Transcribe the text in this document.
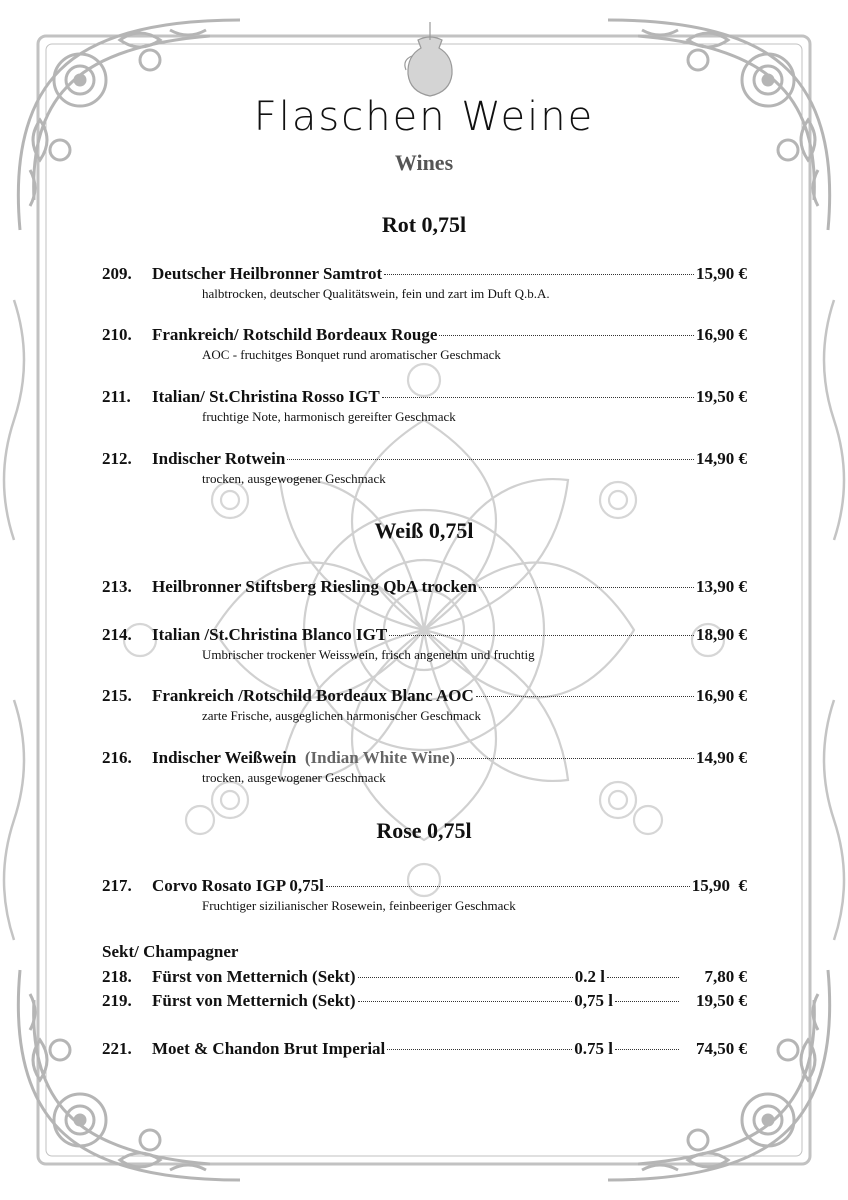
Flaschen Weine
Wines
Rot 0,75l
209.	Deutscher Heilbronner Samtrot	15,90 €
halbtrocken, deutscher Qualitätswein, fein und zart im Duft Q.b.A.
210.	Frankreich/ Rotschild Bordeaux Rouge	16,90 €
AOC - fruchitges Bonquet rund aromatischer Geschmack
211.	Italian/ St.Christina Rosso IGT	19,50 €
fruchtige Note, harmonisch gereifter Geschmack
212.	Indischer Rotwein	14,90 €
trocken, ausgewogener Geschmack
Weiß 0,75l
213.	Heilbronner Stiftsberg Riesling QbA trocken	13,90 €
214.	Italian /St.Christina Blanco IGT	18,90 €
Umbrischer trockener Weisswein, frisch angenehm und fruchtig
215.	Frankreich /Rotschild Bordeaux Blanc AOC	16,90 €
zarte Frische, ausgeglichen harmonischer Geschmack
216.	Indischer Weißwein (Indian White Wine)	14,90 €
trocken, ausgewogener Geschmack
Rose 0,75l
217.	Corvo Rosato IGP 0,75l	15,90  €
Fruchtiger sizilianischer Rosewein, feinbeeriger Geschmack
Sekt/ Champagner
218.	Fürst von Metternich (Sekt)	0.2 l	7,80 €
219.	Fürst von Metternich (Sekt)	0,75 l	19,50 €
221.	Moet & Chandon Brut Imperial	0.75 l	74,50 €
